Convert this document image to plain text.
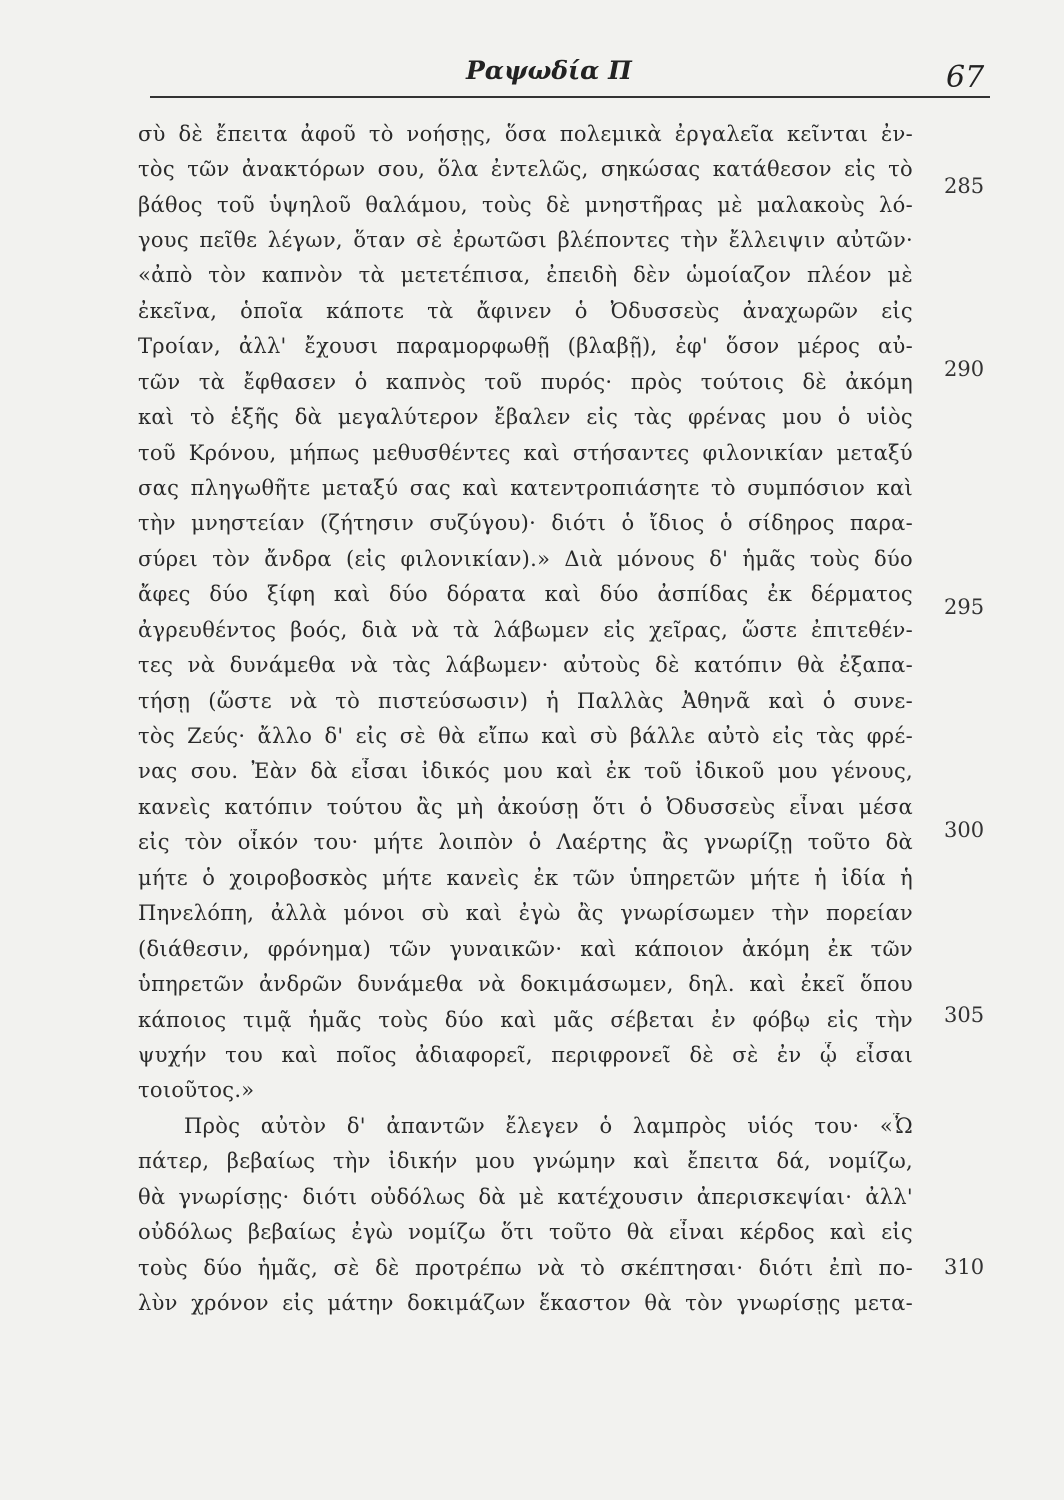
Ραψωδία Π	67
σὺ δὲ ἔπειτα ἀφοῦ τὸ νοήσῃς, ὅσα πολεμικὰ ἐργαλεῖα κεῖνται ἐν-
τὸς τῶν ἀνακτόρων σου, ὅλα ἐντελῶς, σηκώσας κατάθεσον εἰς τὸ
βάθος τοῦ ὑψηλοῦ θαλάμου, τοὺς δὲ μνηστῆρας μὲ μαλακοὺς λό-
γους πεῖθε λέγων, ὅταν σὲ ἐρωτῶσι βλέποντες τὴν ἔλλειψιν αὐτῶν·
«ἀπὸ τὸν καπνὸν τὰ μετετέπισα, ἐπειδὴ δὲν ὡμοίαζον πλέον μὲ
ἐκεῖνα, ὁποῖα κάποτε τὰ ἄφινεν ὁ Ὀδυσσεὺς ἀναχωρῶν εἰς
Τροίαν, ἀλλ' ἔχουσι παραμορφωθῇ (βλαβῇ), ἐφ' ὅσον μέρος αὐ-
τῶν τὰ ἔφθασεν ὁ καπνὸς τοῦ πυρός· πρὸς τούτοις δὲ ἀκόμη
καὶ τὸ ἑξῆς δὰ μεγαλύτερον ἔβαλεν εἰς τὰς φρένας μου ὁ υἱὸς
τοῦ Κρόνου, μήπως μεθυσθέντες καὶ στήσαντες φιλονικίαν μεταξύ
σας πληγωθῆτε μεταξύ σας καὶ κατεντροπιάσητε τὸ συμπόσιον καὶ
τὴν μνηστείαν (ζήτησιν συζύγου)· διότι ὁ ἴδιος ὁ σίδηρος παρα-
σύρει τὸν ἄνδρα (εἰς φιλονικίαν).» Διὰ μόνους δ' ἡμᾶς τοὺς δύο
ἄφες δύο ξίφη καὶ δύο δόρατα καὶ δύο ἀσπίδας ἐκ δέρματος
ἀγρευθέντος βοός, διὰ νὰ τὰ λάβωμεν εἰς χεῖρας, ὥστε ἐπιτεθέν-
τες νὰ δυνάμεθα νὰ τὰς λάβωμεν· αὐτοὺς δὲ κατόπιν θὰ ἐξαπα-
τήσῃ (ὥστε νὰ τὸ πιστεύσωσιν) ἡ Παλλὰς Ἀθηνᾶ καὶ ὁ συνε-
τὸς Ζεύς· ἄλλο δ' εἰς σὲ θὰ εἴπω καὶ σὺ βάλλε αὐτὸ εἰς τὰς φρέ-
νας σου. Ἐὰν δὰ εἶσαι ἰδικός μου καὶ ἐκ τοῦ ἰδικοῦ μου γένους,
κανεὶς κατόπιν τούτου ἂς μὴ ἀκούσῃ ὅτι ὁ Ὀδυσσεὺς εἶναι μέσα
εἰς τὸν οἶκόν του· μήτε λοιπὸν ὁ Λαέρτης ἂς γνωρίζῃ τοῦτο δὰ
μήτε ὁ χοιροβοσκὸς μήτε κανεὶς ἐκ τῶν ὑπηρετῶν μήτε ἡ ἰδία ἡ
Πηνελόπη, ἀλλὰ μόνοι σὺ καὶ ἐγὼ ἂς γνωρίσωμεν τὴν πορείαν
(διάθεσιν, φρόνημα) τῶν γυναικῶν· καὶ κάποιον ἀκόμη ἐκ τῶν
ὑπηρετῶν ἀνδρῶν δυνάμεθα νὰ δοκιμάσωμεν, δηλ. καὶ ἐκεῖ ὅπου
κάποιος τιμᾷ ἡμᾶς τοὺς δύο καὶ μᾶς σέβεται ἐν φόβῳ εἰς τὴν
ψυχήν του καὶ ποῖος ἀδιαφορεῖ, περιφρονεῖ δὲ σὲ ἐν ᾧ εἶσαι
τοιοῦτος.»
Πρὸς αὐτὸν δ' ἀπαντῶν ἔλεγεν ὁ λαμπρὸς υἱός του· «Ὦ
πάτερ, βεβαίως τὴν ἰδικήν μου γνώμην καὶ ἔπειτα δά, νομίζω,
θὰ γνωρίσῃς· διότι οὐδόλως δὰ μὲ κατέχουσιν ἀπερισκεψίαι· ἀλλ'
οὐδόλως βεβαίως ἐγὼ νομίζω ὅτι τοῦτο θὰ εἶναι κέρδος καὶ εἰς
τοὺς δύο ἡμᾶς, σὲ δὲ προτρέπω νὰ τὸ σκέπτησαι· διότι ἐπὶ πο-
λὺν χρόνον εἰς μάτην δοκιμάζων ἕκαστον θὰ τὸν γνωρίσῃς μετα-
285
290
295
300
305
310
